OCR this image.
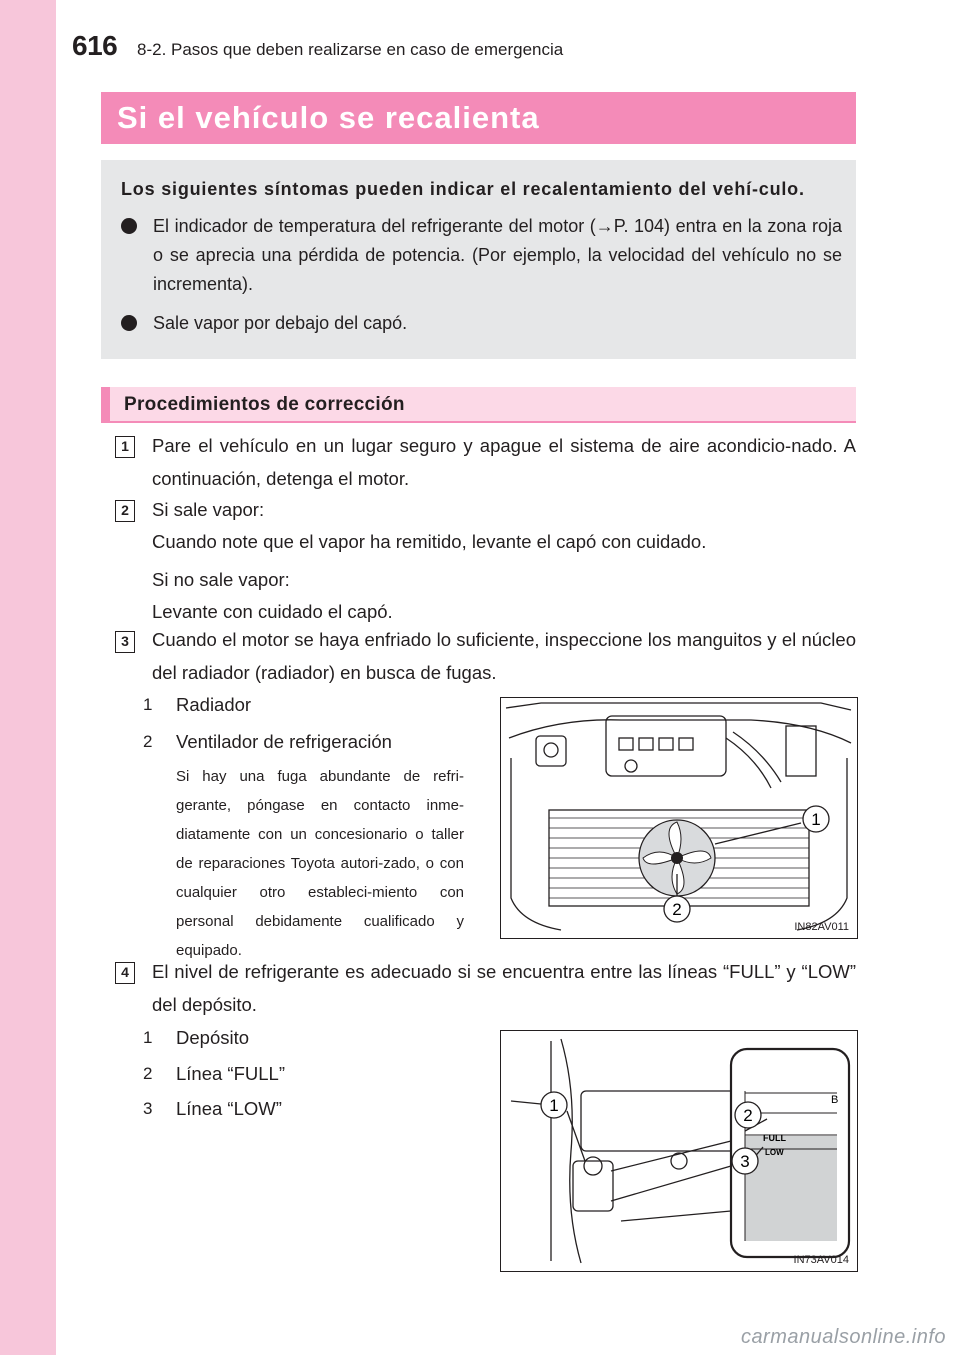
616 8-2. Pasos que deben realizarse en caso de emergencia
Si el vehículo se recalienta
Los siguientes síntomas pueden indicar el recalentamiento del vehí-culo.
El indicador de temperatura del refrigerante del motor (→P. 104) entra en la zona roja o se aprecia una pérdida de potencia. (Por ejemplo, la velocidad del vehículo no se incrementa).
Sale vapor por debajo del capó.
Procedimientos de corrección
1	Pare el vehículo en un lugar seguro y apague el sistema de aire acondicio-nado. A continuación, detenga el motor.
2	Si sale vapor:
Cuando note que el vapor ha remitido, levante el capó con cuidado.
Si no sale vapor:
Levante con cuidado el capó.
3	Cuando el motor se haya enfriado lo suficiente, inspeccione los manguitos y el núcleo del radiador (radiador) en busca de fugas.
1 Radiador
2 Ventilador de refrigeración
Si hay una fuga abundante de refri-gerante, póngase en contacto inme-diatamente con un concesionario o taller de reparaciones Toyota autori-zado, o con cualquier otro estableci-miento con personal debidamente cualificado y equipado.
1
2
IN82AV011
4	El nivel de refrigerante es adecuado si se encuentra entre las líneas “FULL” y “LOW” del depósito.
1 Depósito
2 Línea “FULL”
3 Línea “LOW”	B
FULL
LOW
1
2
3
IN73AV014
carmanualsonline.info
